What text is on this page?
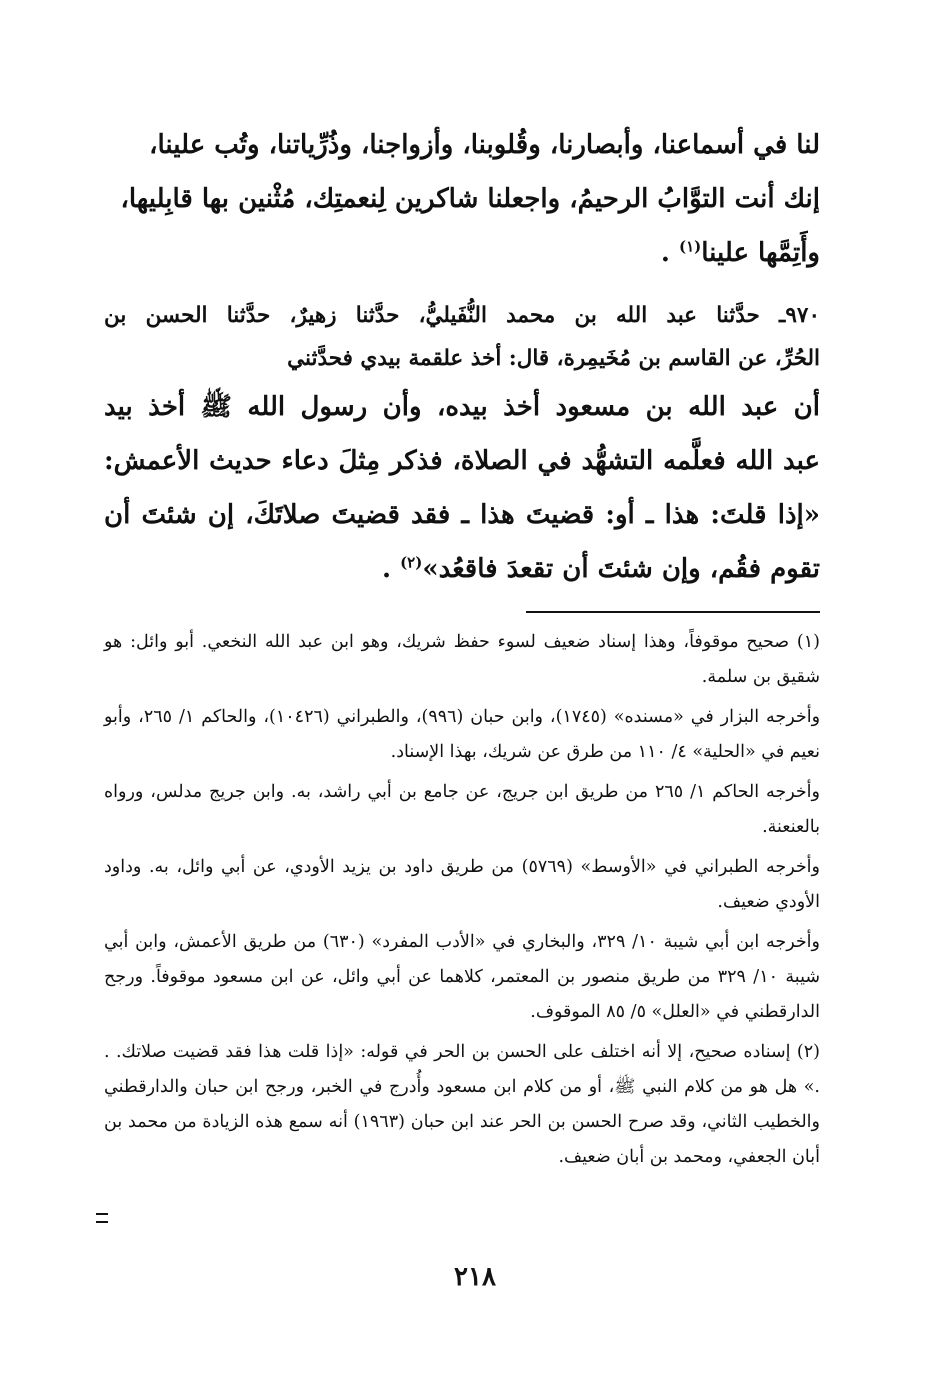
لنا في أسماعنا، وأبصارنا، وقُلوبنا، وأزواجنا، وذُرِّياتنا، وتُب علينا،

إنك أنت التوَّابُ الرحيمُ، واجعلنا شاكرين لِنعمتِك، مُثْنين بها قابِليها،

وأَتِمَّها علينا$^{(١)}$ .

٩٧٠ـ حدَّثنا عبد الله بن محمد النُّفَيليُّ، حدَّثنا زهيرٌ، حدَّثنا الحسن بن
الحُرِّ، عن القاسم بن مُخَيمِرة، قال: أخذ علقمة بيدي فحدَّثني

أن عبد الله بن مسعود أخذ بيده، وأن رسول الله ﷺ أخذ بيد

عبد الله فعلَّمه التشهُّد في الصلاة، فذكر مِثلَ دعاء حديث الأعمش:

«إذا قلتَ: هذا ـ أو: قضيتَ هذا ـ فقد قضيتَ صلاتَكَ، إن شئتَ أن

تقوم فقُم، وإن شئتَ أن تقعدَ فاقعُد»$^{(٢)}$ .

(١) صحيح موقوفاً، وهذا إسناد ضعيف لسوء حفظ شريك، وهو ابن عبد الله النخعي. أبو وائل: هو شقيق بن سلمة.

وأخرجه البزار في «مسنده» (١٧٤٥)، وابن حبان (٩٩٦)، والطبراني (١٠٤٢٦)، والحاكم ١/ ٢٦٥، وأبو نعيم في «الحلية» ٤/ ١١٠ من طرق عن شريك، بهذا الإسناد.

وأخرجه الحاكم ١/ ٢٦٥ من طريق ابن جريج، عن جامع بن أبي راشد، به. وابن جريج مدلس، ورواه بالعنعنة.

وأخرجه الطبراني في «الأوسط» (٥٧٦٩) من طريق داود بن يزيد الأودي، عن أبي وائل، به. وداود الأودي ضعيف.

وأخرجه ابن أبي شيبة ١٠/ ٣٢٩، والبخاري في «الأدب المفرد» (٦٣٠) من طريق الأعمش، وابن أبي شيبة ١٠/ ٣٢٩ من طريق منصور بن المعتمر، كلاهما عن أبي وائل، عن ابن مسعود موقوفاً. ورجح الدارقطني في «العلل» ٥/ ٨٥ الموقوف.

(٢) إسناده صحيح، إلا أنه اختلف على الحسن بن الحر في قوله: «إذا قلت هذا فقد قضيت صلاتك. . .» هل هو من كلام النبي ﷺ، أو من كلام ابن مسعود وأُدرج في الخبر، ورجح ابن حبان والدارقطني والخطيب الثاني، وقد صرح الحسن بن الحر عند ابن حبان (١٩٦٣) أنه سمع هذه الزيادة من محمد بن أبان الجعفي، ومحمد بن أبان ضعيف.

٢١٨
